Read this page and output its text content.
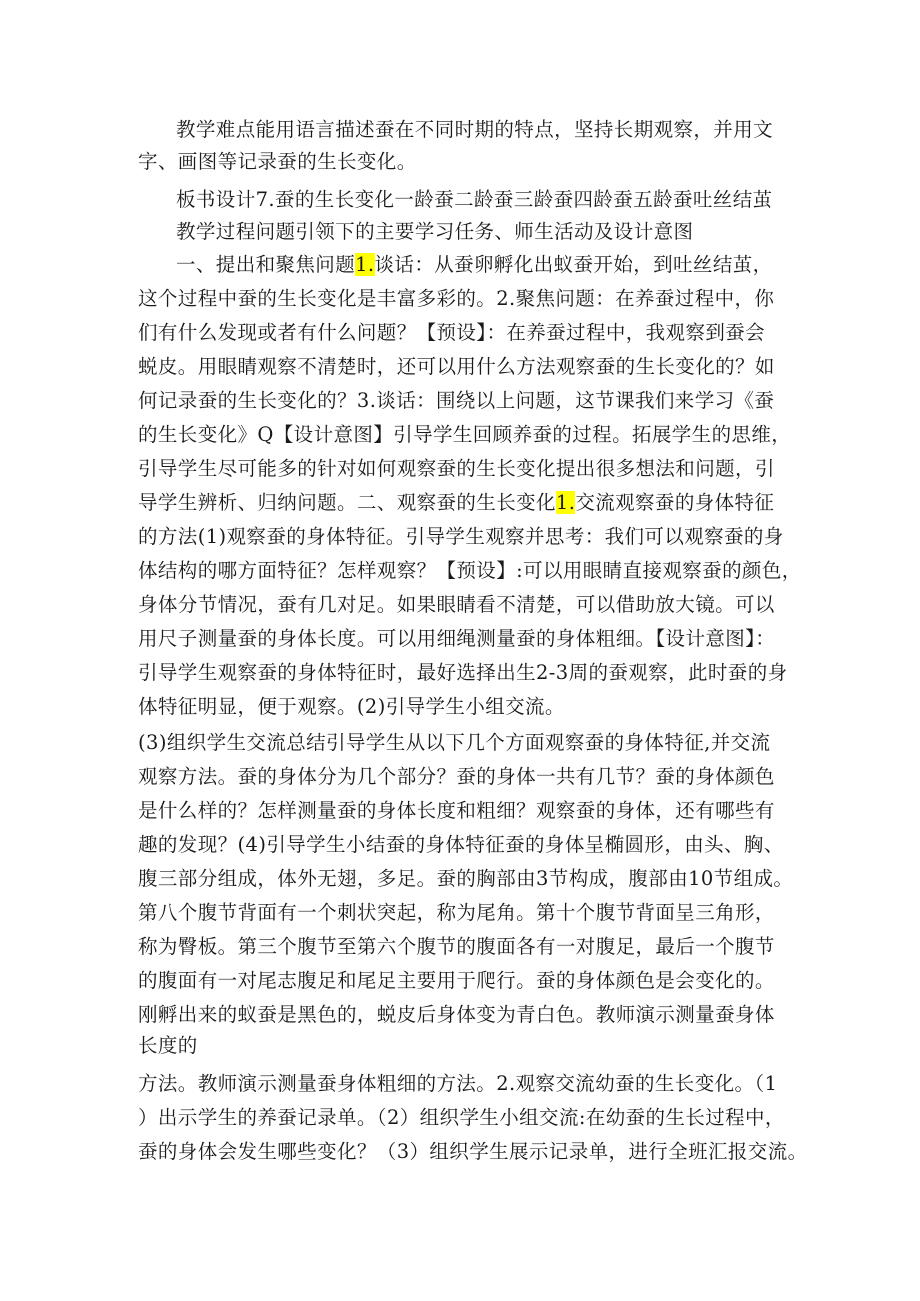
教学难点能用语言描述蚕在不同时期的特点，坚持长期观察，并用文
字、画图等记录蚕的生长变化。
板书设计7.蚕的生长变化一龄蚕二龄蚕三龄蚕四龄蚕五龄蚕吐丝结茧
教学过程问题引领下的主要学习任务、师生活动及设计意图
一、提出和聚焦问题1.谈话：从蚕卵孵化出蚁蚕开始，到吐丝结茧，
这个过程中蚕的生长变化是丰富多彩的。2.聚焦问题：在养蚕过程中，你
们有什么发现或者有什么问题？【预设】：在养蚕过程中，我观察到蚕会
蜕皮。用眼睛观察不清楚时，还可以用什么方法观察蚕的生长变化的？如
何记录蚕的生长变化的？3.谈话：围绕以上问题，这节课我们来学习《蚕
的生长变化》Q【设计意图】引导学生回顾养蚕的过程。拓展学生的思维，
引导学生尽可能多的针对如何观察蚕的生长变化提出很多想法和问题，引
导学生辨析、归纳问题。二、观察蚕的生长变化1.交流观察蚕的身体特征
的方法(1)观察蚕的身体特征。引导学生观察并思考：我们可以观察蚕的身
体结构的哪方面特征？怎样观察？【预设】:可以用眼睛直接观察蚕的颜色，
身体分节情况，蚕有几对足。如果眼睛看不清楚，可以借助放大镜。可以
用尺子测量蚕的身体长度。可以用细绳测量蚕的身体粗细。【设计意图】：
引导学生观察蚕的身体特征时，最好选择出生2-3周的蚕观察，此时蚕的身
体特征明显，便于观察。(2)引导学生小组交流。
(3)组织学生交流总结引导学生从以下几个方面观察蚕的身体特征,并交流
观察方法。蚕的身体分为几个部分？蚕的身体一共有几节？蚕的身体颜色
是什么样的？怎样测量蚕的身体长度和粗细？观察蚕的身体，还有哪些有
趣的发现？(4)引导学生小结蚕的身体特征蚕的身体呈椭圆形，由头、胸、
腹三部分组成，体外无翅，多足。蚕的胸部由3节构成，腹部由10节组成。
第八个腹节背面有一个刺状突起，称为尾角。第十个腹节背面呈三角形，
称为臀板。第三个腹节至第六个腹节的腹面各有一对腹足，最后一个腹节
的腹面有一对尾志腹足和尾足主要用于爬行。蚕的身体颜色是会变化的。
刚孵出来的蚁蚕是黑色的，蜕皮后身体变为青白色。教师演示测量蚕身体
长度的
方法。教师演示测量蚕身体粗细的方法。2.观察交流幼蚕的生长变化。（1
）出示学生的养蚕记录单。（2）组织学生小组交流:在幼蚕的生长过程中，
蚕的身体会发生哪些变化？（3）组织学生展示记录单，进行全班汇报交流。
